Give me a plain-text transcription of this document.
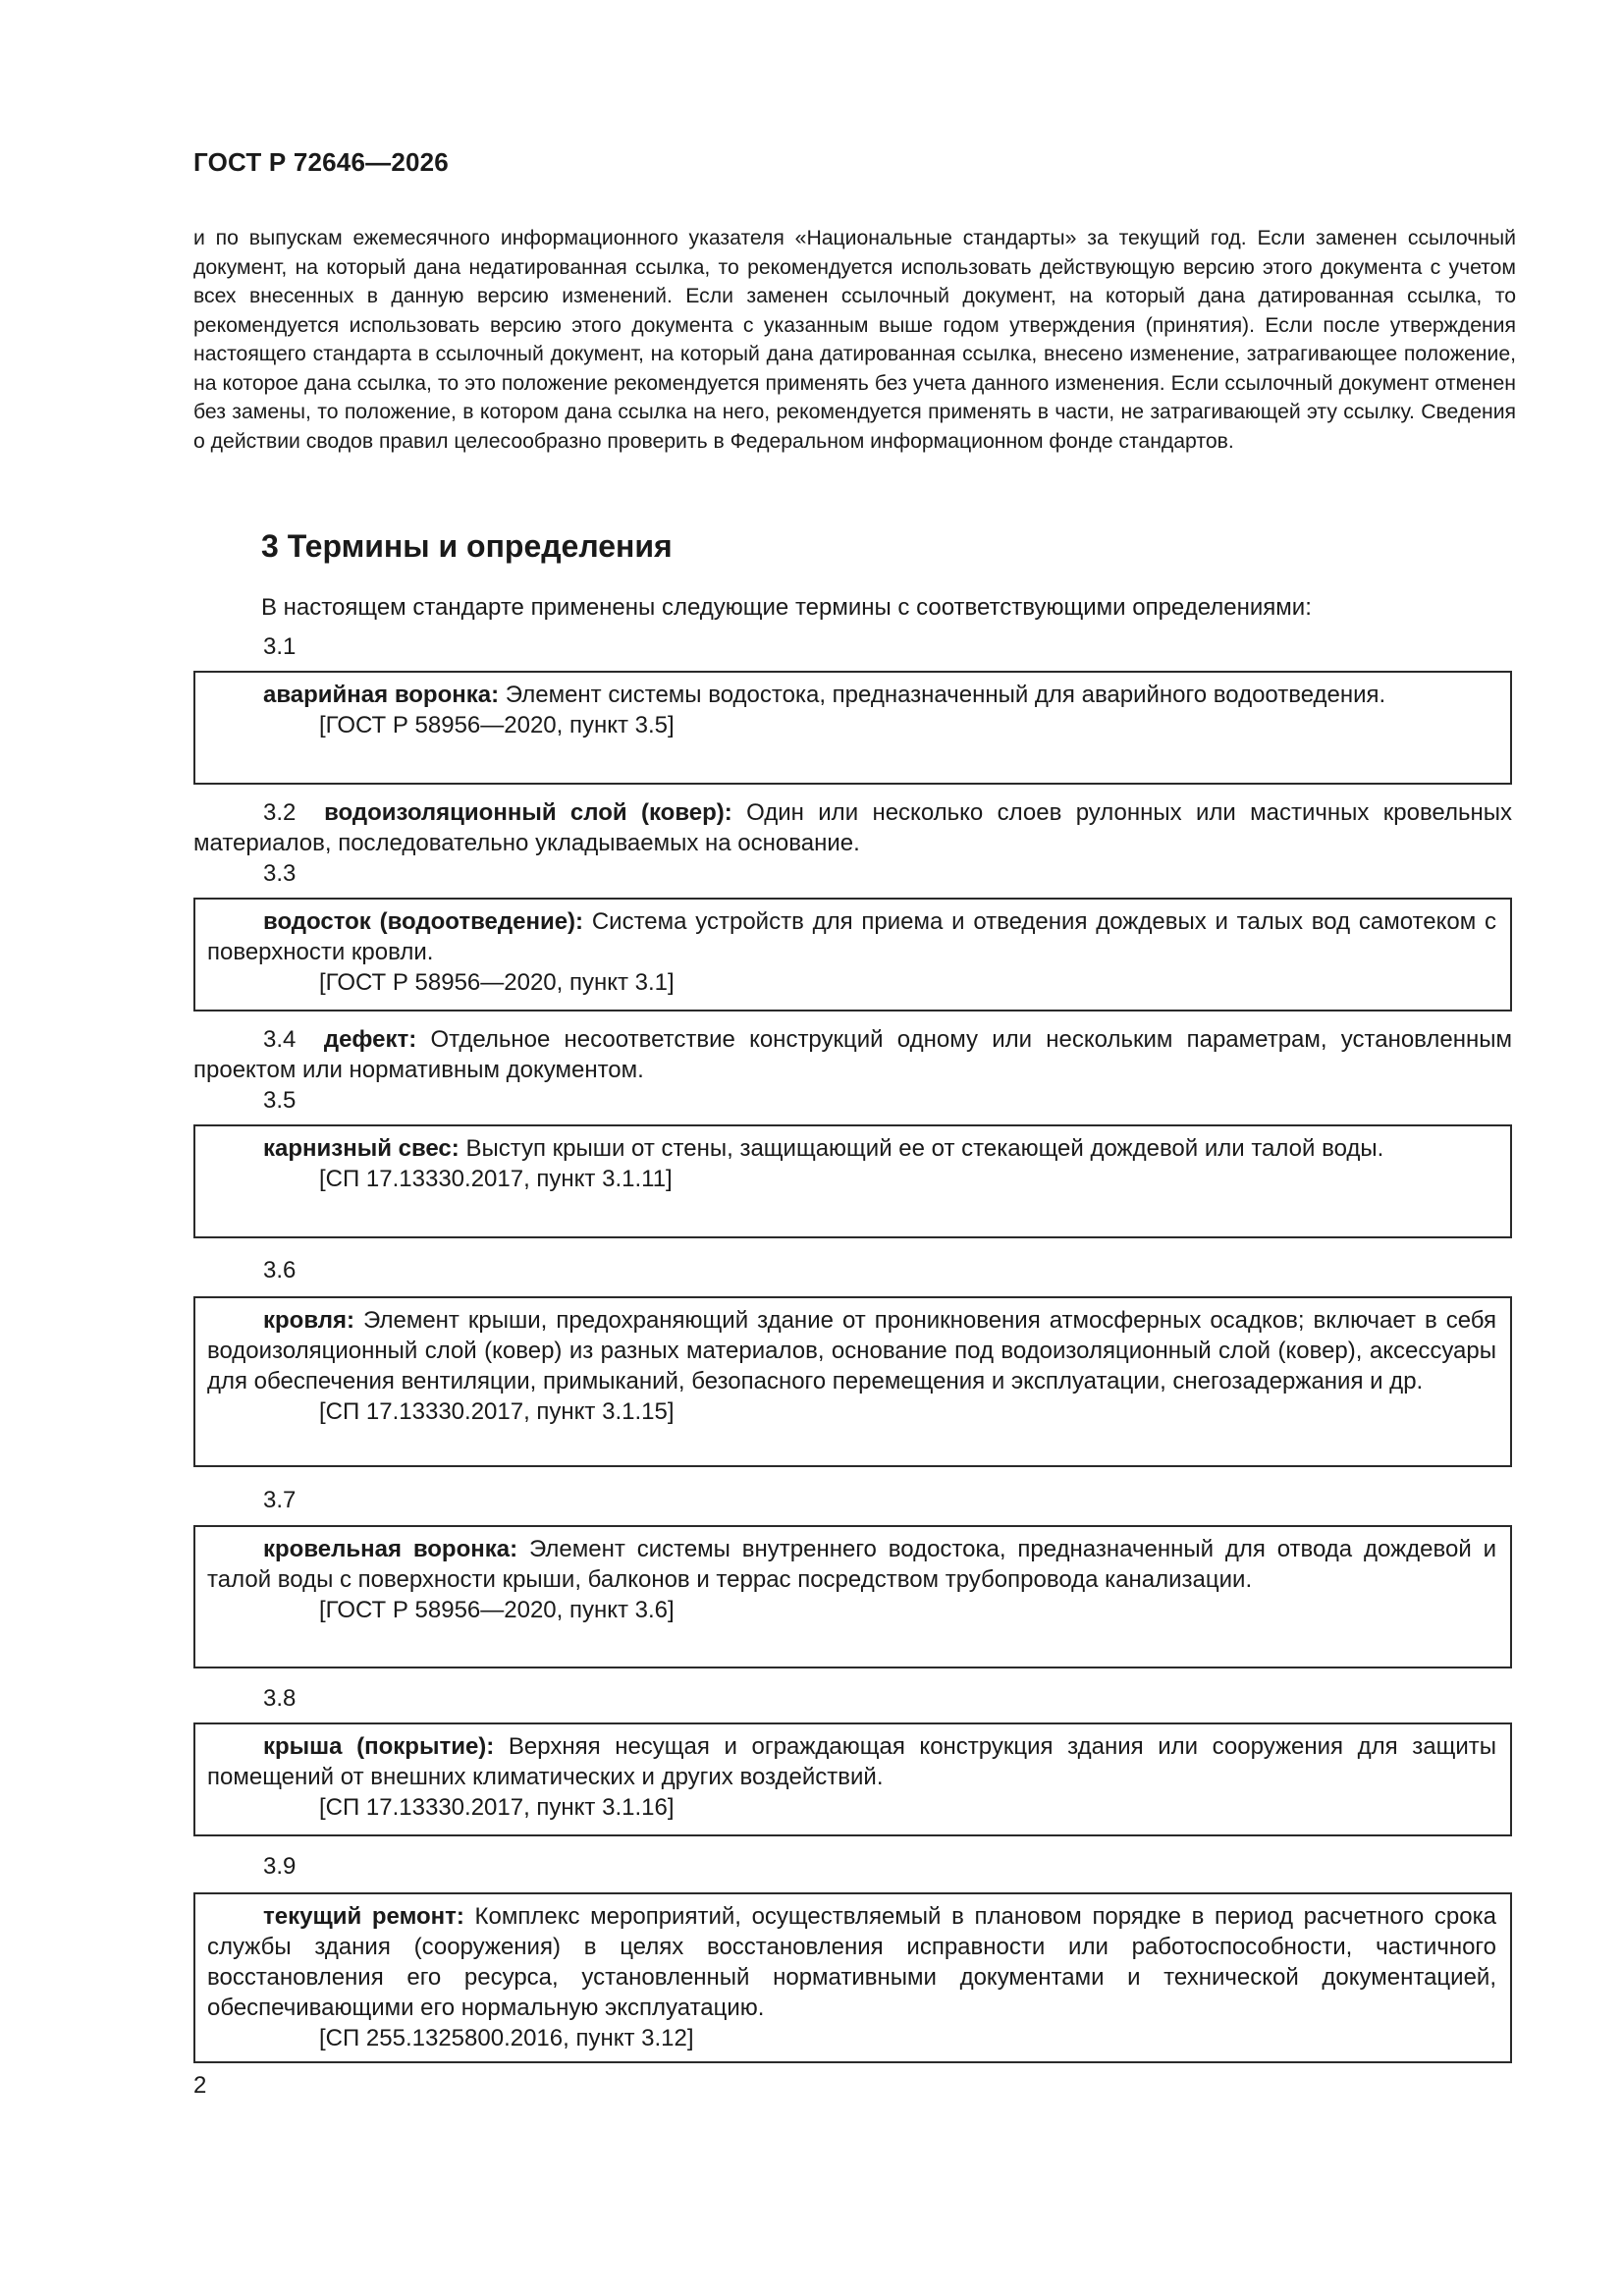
ГОСТ Р 72646—2026

и по выпускам ежемесячного информационного указателя «Национальные стандарты» за текущий год. Если заменен ссылочный документ, на который дана недатированная ссылка, то рекомендуется использовать действующую версию этого документа с учетом всех внесенных в данную версию изменений. Если заменен ссылочный документ, на который дана датированная ссылка, то рекомендуется использовать версию этого документа с указанным выше годом утверждения (принятия). Если после утверждения настоящего стандарта в ссылочный документ, на который дана датированная ссылка, внесено изменение, затрагивающее положение, на которое дана ссылка, то это положение рекомендуется применять без учета данного изменения. Если ссылочный документ отменен без замены, то положение, в котором дана ссылка на него, рекомендуется применять в части, не затрагивающей эту ссылку. Сведения о действии сводов правил целесообразно проверить в Федеральном информационном фонде стандартов.

3 Термины и определения

В настоящем стандарте применены следующие термины с соответствующими определениями:

3.1

аварийная воронка: Элемент системы водостока, предназначенный для аварийного водоотведения.

[ГОСТ Р 58956—2020, пункт 3.5]

3.2 водоизоляционный слой (ковер): Один или несколько слоев рулонных или мастичных кровельных материалов, последовательно укладываемых на основание.

3.3

водосток (водоотведение): Система устройств для приема и отведения дождевых и талых вод самотеком с поверхности кровли.

[ГОСТ Р 58956—2020, пункт 3.1]

3.4 дефект: Отдельное несоответствие конструкций одному или нескольким параметрам, установленным проектом или нормативным документом.

3.5

карнизный свес: Выступ крыши от стены, защищающий ее от стекающей дождевой или талой воды.

[СП 17.13330.2017, пункт 3.1.11]

3.6

кровля: Элемент крыши, предохраняющий здание от проникновения атмосферных осадков; включает в себя водоизоляционный слой (ковер) из разных материалов, основание под водоизоляционный слой (ковер), аксессуары для обеспечения вентиляции, примыканий, безопасного перемещения и эксплуатации, снегозадержания и др.

[СП 17.13330.2017, пункт 3.1.15]

3.7

кровельная воронка: Элемент системы внутреннего водостока, предназначенный для отвода дождевой и талой воды с поверхности крыши, балконов и террас посредством трубопровода канализации.

[ГОСТ Р 58956—2020, пункт 3.6]

3.8

крыша (покрытие): Верхняя несущая и ограждающая конструкция здания или сооружения для защиты помещений от внешних климатических и других воздействий.

[СП 17.13330.2017, пункт 3.1.16]

3.9

текущий ремонт: Комплекс мероприятий, осуществляемый в плановом порядке в период расчетного срока службы здания (сооружения) в целях восстановления исправности или работоспособности, частичного восстановления его ресурса, установленный нормативными документами и технической документацией, обеспечивающими его нормальную эксплуатацию.

[СП 255.1325800.2016, пункт 3.12]

2
